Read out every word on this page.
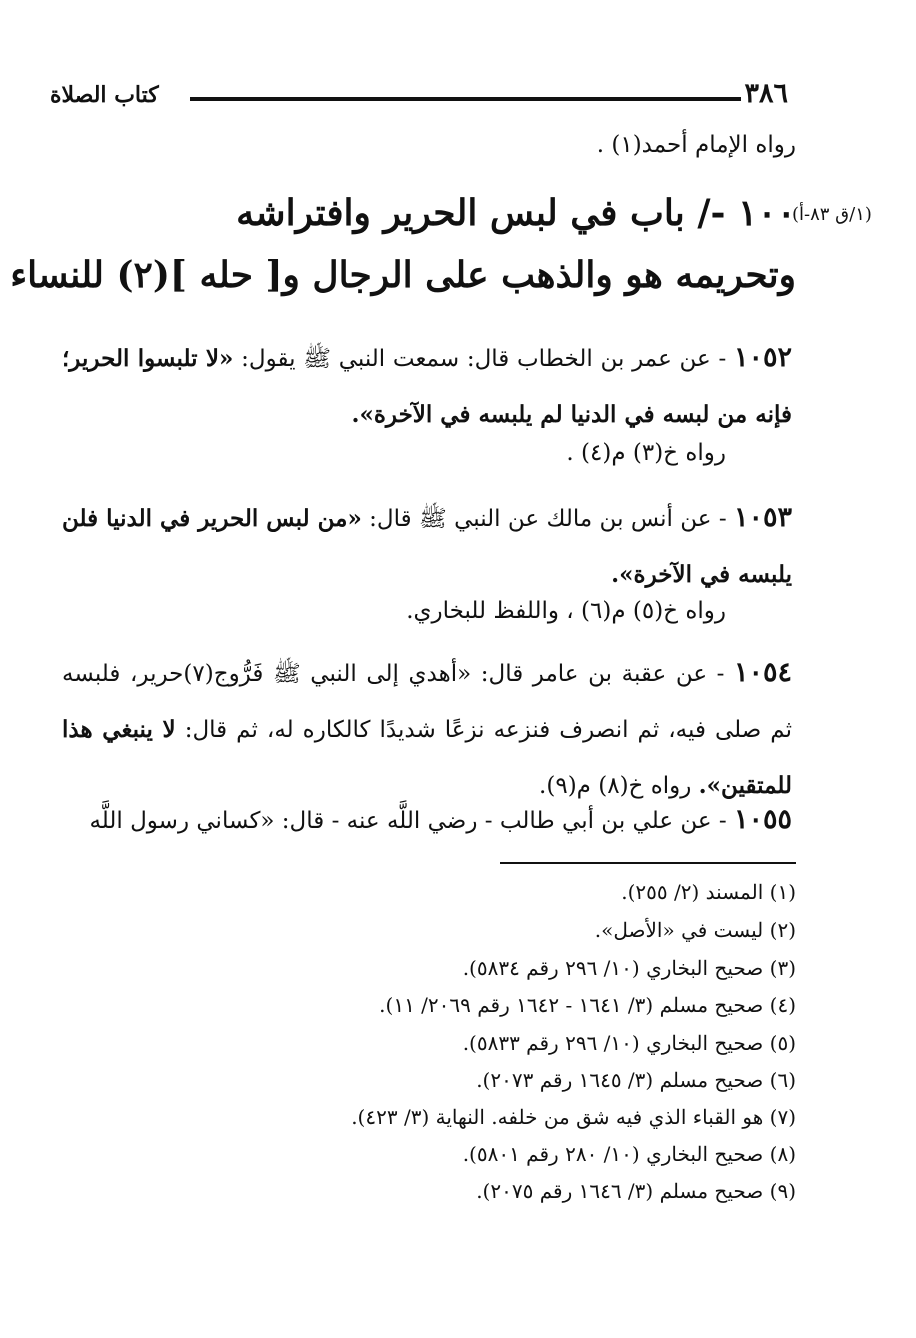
٣٨٦
كتاب الصلاة
رواه الإمام أحمد(١) .
(١/ق ٨٣-أ)
١٠٠ -/ باب في لبس الحرير وافتراشه
وتحريمه هو والذهب على الرجال و[ حله ](٢) للنساء
١٠٥٢ - عن عمر بن الخطاب قال: سمعت النبي ﷺ يقول: «لا تلبسوا الحرير؛ فإنه من لبسه في الدنيا لم يلبسه في الآخرة».
رواه خ(٣) م(٤) .
١٠٥٣ - عن أنس بن مالك عن النبي ﷺ قال: «من لبس الحرير في الدنيا فلن يلبسه في الآخرة».
رواه خ(٥) م(٦) ، واللفظ للبخاري.
١٠٥٤ - عن عقبة بن عامر قال: «أهدي إلى النبي ﷺ فَرُّوج(٧)حرير، فلبسه ثم صلى فيه، ثم انصرف فنزعه نزعًا شديدًا كالكاره له، ثم قال: لا ينبغي هذا للمتقين». رواه خ(٨) م(٩).
١٠٥٥ - عن علي بن أبي طالب - رضي اللَّه عنه - قال: «كساني رسول اللَّه
(١) المسند (٢/ ٢٥٥).
(٢) ليست في «الأصل».
(٣) صحيح البخاري (١٠/ ٢٩٦ رقم ٥٨٣٤).
(٤) صحيح مسلم (٣/ ١٦٤١ - ١٦٤٢ رقم ٢٠٦٩/ ١١).
(٥) صحيح البخاري (١٠/ ٢٩٦ رقم ٥٨٣٣).
(٦) صحيح مسلم (٣/ ١٦٤٥ رقم ٢٠٧٣).
(٧) هو القباء الذي فيه شق من خلفه. النهاية (٣/ ٤٢٣).
(٨) صحيح البخاري (١٠/ ٢٨٠ رقم ٥٨٠١).
(٩) صحيح مسلم (٣/ ١٦٤٦ رقم ٢٠٧٥).
